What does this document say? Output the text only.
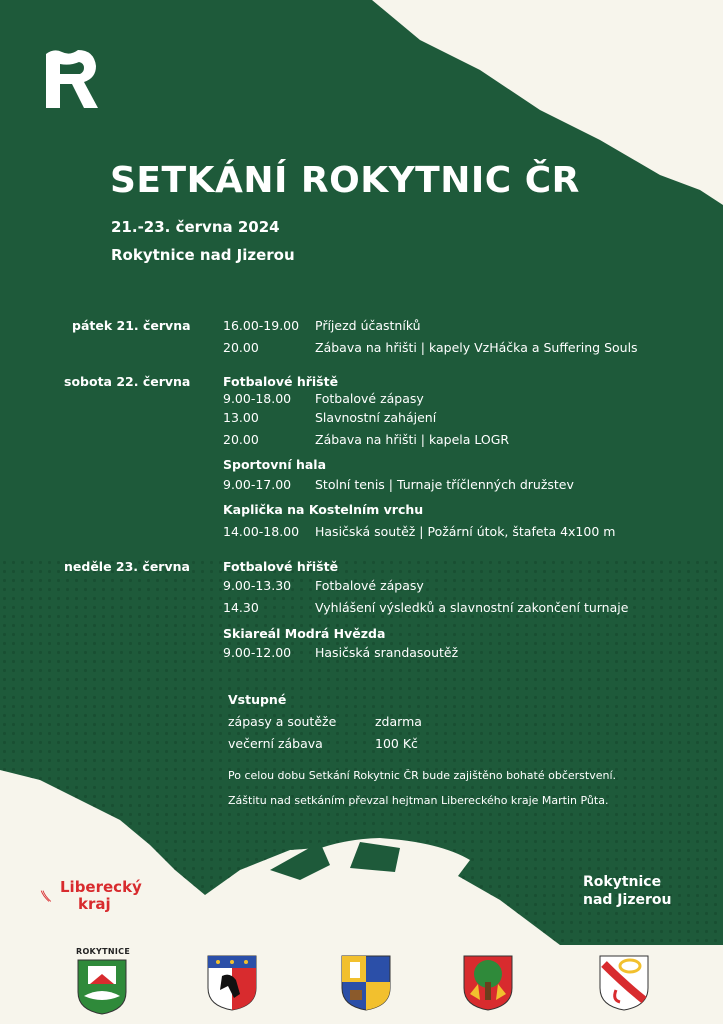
SETKÁNÍ ROKYTNIC ČR
21.-23. června 2024
Rokytnice nad Jizerou
pátek 21. června	16.00-19.00 Příjezd účastníků
20.00	Zábava na hřišti | kapely VzHáčka a Suffering Souls
sobota 22. června	Fotbalové hřiště
9.00-18.00 Fotbalové zápasy
13.00	Slavnostní zahájení
20.00	Zábava na hřišti | kapela LOGR
Sportovní hala
9.00-17.00 Stolní tenis | Turnaje tříčlenných družstev
Kaplička na Kostelním vrchu
14.00-18.00 Hasičská soutěž | Požární útok, štafeta 4x100 m
neděle 23. června	Fotbalové hřiště
9.00-13.30 Fotbalové zápasy
14.30	Vyhlášení výsledků a slavnostní zakončení turnaje
Skiareál Modrá Hvězda
9.00-12.00 Hasičská srandasoutěž
Vstupné
zápasy a soutěže	zdarma
večerní zábava	100 Kč
Po celou dobu Setkání Rokytnic ČR bude zajištěno bohaté občerstvení.
Záštitu nad setkáním převzal hejtman Libereckého kraje Martin Půta.
Liberecký
kraj
Rokytnice
nad Jizerou
ROKYTNICE
